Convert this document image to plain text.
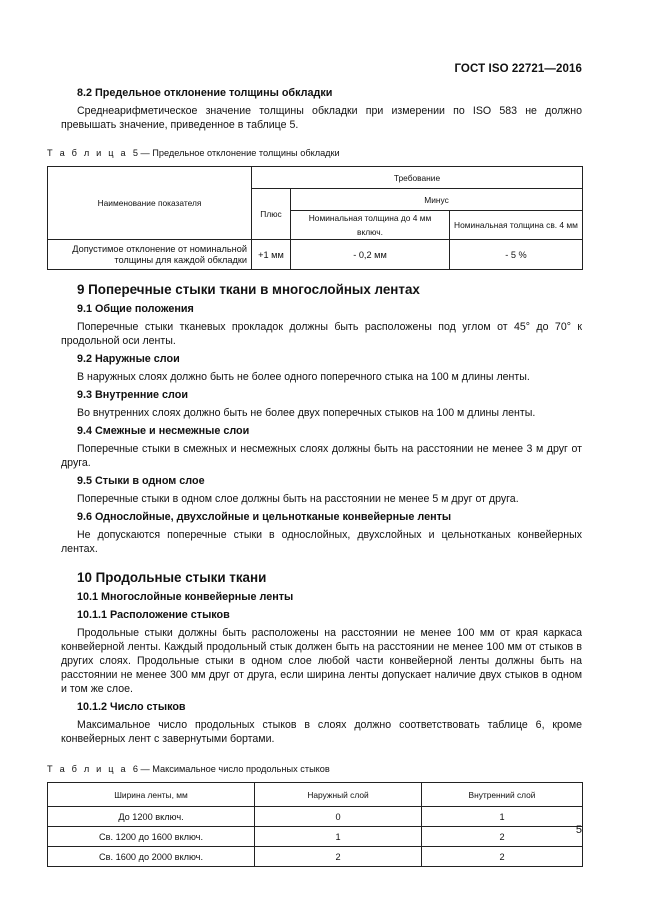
ГОСТ ISO 22721—2016
8.2 Предельное отклонение толщины обкладки
Среднеарифметическое значение толщины обкладки при измерении по ISO 583 не должно превышать значение, приведенное в таблице 5.
Т а б л и ц а 5 — Предельное отклонение толщины обкладки
Наименование показателя	Требование		
	Плюс	Минус	
		Номинальная толщина до 4 мм включ.	Номинальная толщина св. 4 мм
Допустимое отклонение от номинальной толщины для каждой обкладки	+1 мм	- 0,2 мм	- 5 %
9 Поперечные стыки ткани в многослойных лентах
9.1 Общие положения
Поперечные стыки тканевых прокладок должны быть расположены под углом от 45° до 70° к продольной оси ленты.
9.2 Наружные слои
В наружных слоях должно быть не более одного поперечного стыка на 100 м длины ленты.
9.3 Внутренние слои
Во внутренних слоях должно быть не более двух поперечных стыков на 100 м длины ленты.
9.4 Смежные и несмежные слои
Поперечные стыки в смежных и несмежных слоях должны быть на расстоянии не менее 3 м друг от друга.
9.5 Стыки в одном слое
Поперечные стыки в одном слое должны быть на расстоянии не менее 5 м друг от друга.
9.6 Однослойные, двухслойные и цельнотканые конвейерные ленты
Не допускаются поперечные стыки в однослойных, двухслойных и цельнотканых конвейерных лентах.
10 Продольные стыки ткани
10.1 Многослойные конвейерные ленты
10.1.1 Расположение стыков
Продольные стыки должны быть расположены на расстоянии не менее 100 мм от края каркаса конвейерной ленты. Каждый продольный стык должен быть на расстоянии не менее 100 мм от стыков в других слоях. Продольные стыки в одном слое любой части конвейерной ленты должны быть на расстоянии не менее 300 мм друг от друга, если ширина ленты допускает наличие двух стыков в одном и том же слое.
10.1.2 Число стыков
Максимальное число продольных стыков в слоях должно соответствовать таблице 6, кроме конвейерных лент с завернутыми бортами.
Т а б л и ц а 6 — Максимальное число продольных стыков
Ширина ленты, мм	Наружный слой	Внутренний слой
До 1200 включ.	0	1
Св. 1200 до 1600 включ.	1	2
Св. 1600 до 2000 включ.	2	2
5
